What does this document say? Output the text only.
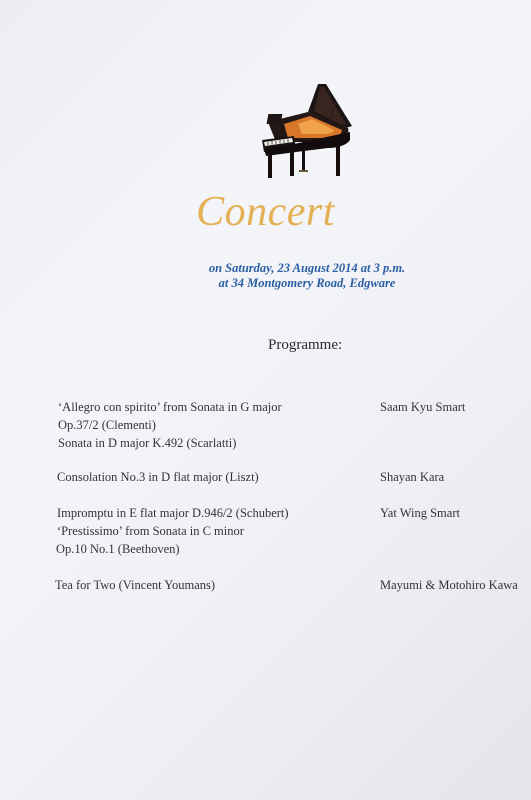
Concert
on Saturday, 23 August 2014 at 3 p.m.
at 34 Montgomery Road, Edgware
Programme:
‘Allegro con spirito’ from Sonata in G major
Op.37/2 (Clementi)
Sonata in D major K.492 (Scarlatti)
Saam Kyu Smart
Consolation No.3 in D flat major (Liszt)	Shayan Kara
Impromptu in E flat major D.946/2 (Schubert)
‘Prestissimo’ from Sonata in C minor
Op.10 No.1 (Beethoven)
Yat Wing Smart
Tea for Two (Vincent Youmans)	Mayumi & Motohiro Kawa
